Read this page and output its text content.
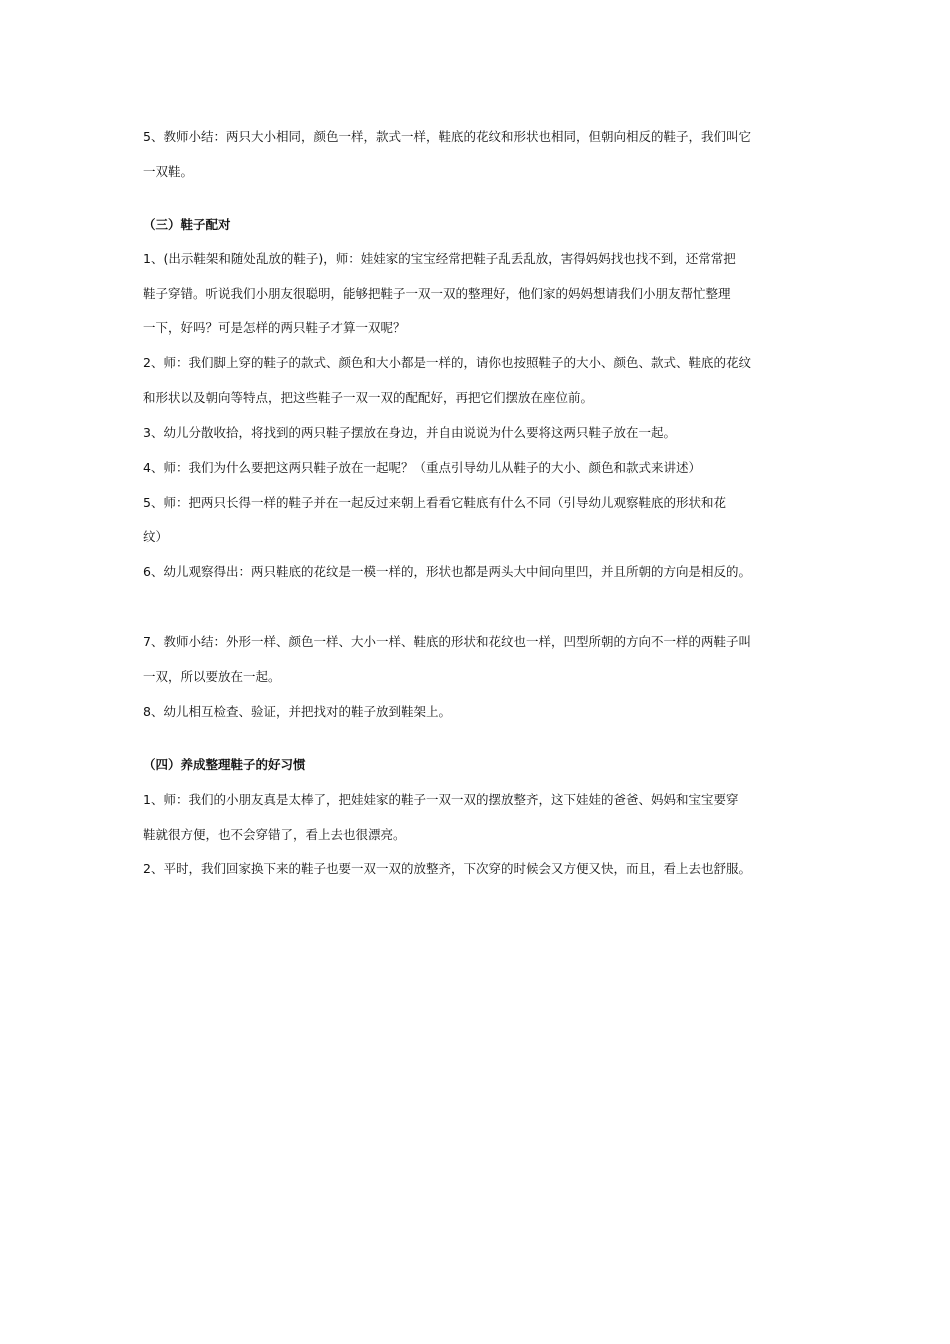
5、教师小结：两只大小相同，颜色一样，款式一样，鞋底的花纹和形状也相同，但朝向相反的鞋子，我们叫它
一双鞋。
（三）鞋子配对
1、(出示鞋架和随处乱放的鞋子)，师：娃娃家的宝宝经常把鞋子乱丢乱放，害得妈妈找也找不到，还常常把
鞋子穿错。听说我们小朋友很聪明，能够把鞋子一双一双的整理好，他们家的妈妈想请我们小朋友帮忙整理
一下，好吗？可是怎样的两只鞋子才算一双呢？
2、师：我们脚上穿的鞋子的款式、颜色和大小都是一样的，请你也按照鞋子的大小、颜色、款式、鞋底的花纹
和形状以及朝向等特点，把这些鞋子一双一双的配配好，再把它们摆放在座位前。
3、幼儿分散收拾，将找到的两只鞋子摆放在身边，并自由说说为什么要将这两只鞋子放在一起。
4、师：我们为什么要把这两只鞋子放在一起呢？（重点引导幼儿从鞋子的大小、颜色和款式来讲述）
5、师：把两只长得一样的鞋子并在一起反过来朝上看看它鞋底有什么不同（引导幼儿观察鞋底的形状和花
纹）
6、幼儿观察得出：两只鞋底的花纹是一模一样的，形状也都是两头大中间向里凹，并且所朝的方向是相反的。
7、教师小结：外形一样、颜色一样、大小一样、鞋底的形状和花纹也一样，凹型所朝的方向不一样的两鞋子叫
一双，所以要放在一起。
8、幼儿相互检查、验证，并把找对的鞋子放到鞋架上。
（四）养成整理鞋子的好习惯
1、师：我们的小朋友真是太棒了，把娃娃家的鞋子一双一双的摆放整齐，这下娃娃的爸爸、妈妈和宝宝要穿
鞋就很方便，也不会穿错了，看上去也很漂亮。
2、平时，我们回家换下来的鞋子也要一双一双的放整齐，下次穿的时候会又方便又快，而且，看上去也舒服。
